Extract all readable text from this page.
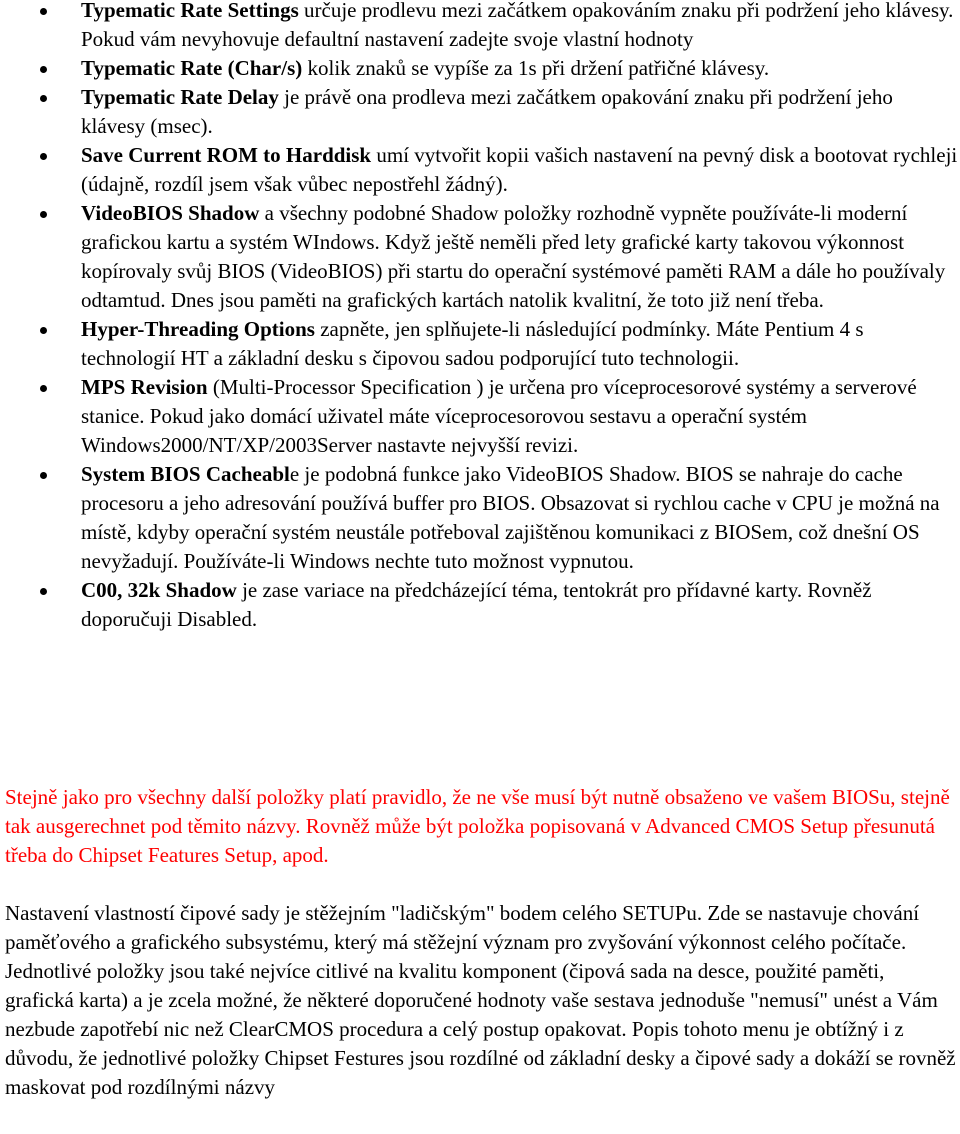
Typematic Rate Settings určuje prodlevu mezi začátkem opakováním znaku při podržení jeho klávesy. Pokud vám nevyhovuje defaultní nastavení zadejte svoje vlastní hodnoty
Typematic Rate (Char/s) kolik znaků se vypíše za 1s při držení patřičné klávesy.
Typematic Rate Delay je právě ona prodleva mezi začátkem opakování znaku při podržení jeho klávesy (msec).
Save Current ROM to Harddisk umí vytvořit kopii vašich nastavení na pevný disk a bootovat rychleji (údajně, rozdíl jsem však vůbec nepostřehl žádný).
VideoBIOS Shadow a všechny podobné Shadow položky rozhodně vypněte používáte-li moderní grafickou kartu a systém WIndows. Když ještě neměli před lety grafické karty takovou výkonnost kopírovaly svůj BIOS (VideoBIOS) při startu do operační systémové paměti RAM a dále ho používaly odtamtud. Dnes jsou paměti na grafických kartách natolik kvalitní, že toto již není třeba.
Hyper-Threading Options zapněte, jen splňujete-li následující podmínky. Máte Pentium 4 s technologií HT a základní desku s čipovou sadou podporující tuto technologii.
MPS Revision (Multi-Processor Specification ) je určena pro víceprocesorové systémy a serverové stanice. Pokud jako domácí uživatel máte víceprocesorovou sestavu a operační systém Windows2000/NT/XP/2003Server nastavte nejvyšší revizi.
System BIOS Cacheable je podobná funkce jako VideoBIOS Shadow. BIOS se nahraje do cache procesoru a jeho adresování používá buffer pro BIOS. Obsazovat si rychlou cache v CPU je možná na místě, kdyby operační systém neustále potřeboval zajištěnou komunikaci z BIOSem, což dnešní OS nevyžadují. Používáte-li Windows nechte tuto možnost vypnutou.
C00, 32k Shadow je zase variace na předcházející téma, tentokrát pro přídavné karty. Rovněž doporučuji Disabled.

Stejně jako pro všechny další položky platí pravidlo, že ne vše musí být nutně obsaženo ve vašem BIOSu, stejně tak ausgerechnet pod těmito názvy. Rovněž může být položka popisovaná v Advanced CMOS Setup přesunutá třeba do Chipset Features Setup, apod.

Nastavení vlastností čipové sady je stěžejním "ladičským" bodem celého SETUPu. Zde se nastavuje chování paměťového a grafického subsystému, který má stěžejní význam pro zvyšování výkonnost celého počítače. Jednotlivé položky jsou také nejvíce citlivé na kvalitu komponent (čipová sada na desce, použité paměti, grafická karta) a je zcela možné, že některé doporučené hodnoty vaše sestava jednoduše "nemusí" unést a Vám nezbude zapotřebí nic než ClearCMOS procedura a celý postup opakovat. Popis tohoto menu je obtížný i z důvodu, že jednotlivé položky Chipset Festures jsou rozdílné od základní desky a čipové sady a dokáží se rovněž maskovat pod rozdílnými názvy
